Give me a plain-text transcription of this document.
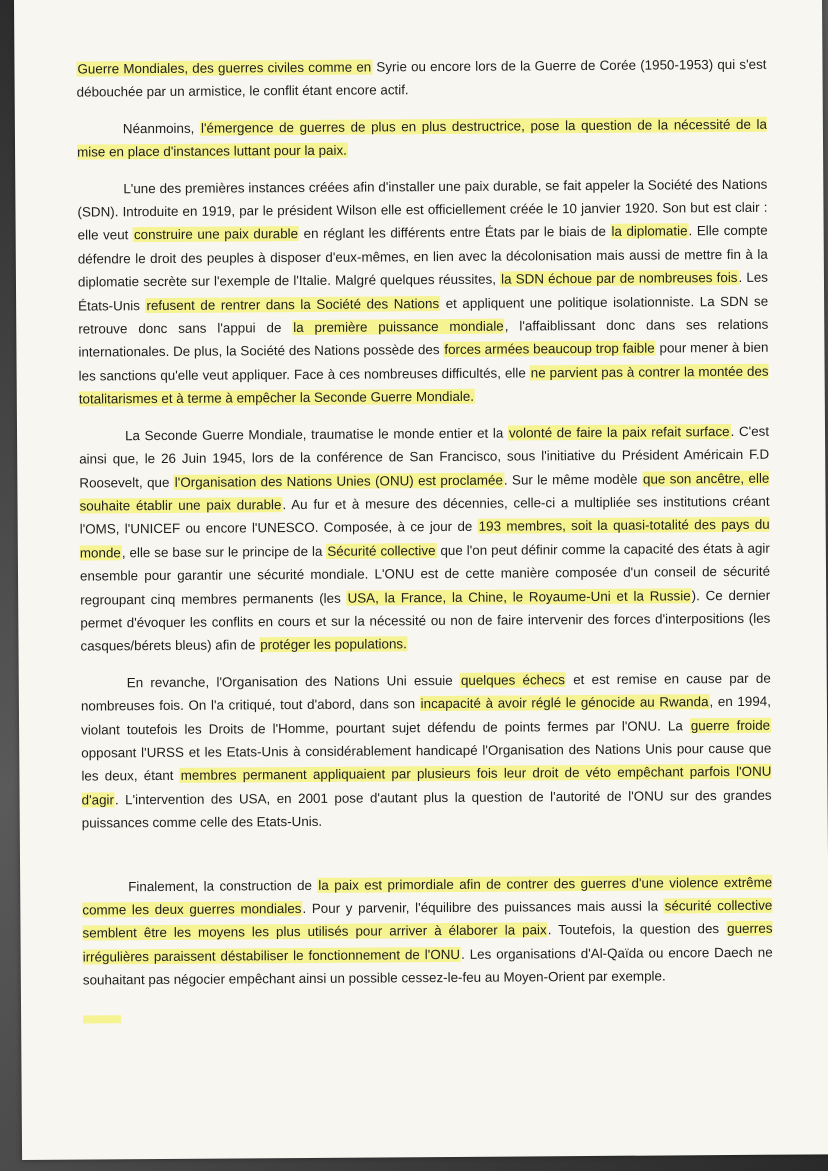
Guerre Mondiales, des guerres civiles comme en Syrie ou encore lors de la Guerre de Corée (1950-1953) qui s'est débouchée par un armistice, le conflit étant encore actif.

Néanmoins, l'émergence de guerres de plus en plus destructrice, pose la question de la nécessité de la mise en place d'instances luttant pour la paix.

L'une des premières instances créées afin d'installer une paix durable, se fait appeler la Société des Nations (SDN). Introduite en 1919, par le président Wilson elle est officiellement créée le 10 janvier 1920. Son but est clair : elle veut construire une paix durable en réglant les différents entre États par le biais de la diplomatie. Elle compte défendre le droit des peuples à disposer d'eux-mêmes, en lien avec la décolonisation mais aussi de mettre fin à la diplomatie secrète sur l'exemple de l'Italie. Malgré quelques réussites, la SDN échoue par de nombreuses fois. Les États-Unis refusent de rentrer dans la Société des Nations et appliquent une politique isolationniste. La SDN se retrouve donc sans l'appui de la première puissance mondiale, l'affaiblissant donc dans ses relations internationales. De plus, la Société des Nations possède des forces armées beaucoup trop faible pour mener à bien les sanctions qu'elle veut appliquer. Face à ces nombreuses difficultés, elle ne parvient pas à contrer la montée des totalitarismes et à terme à empêcher la Seconde Guerre Mondiale.

La Seconde Guerre Mondiale, traumatise le monde entier et la volonté de faire la paix refait surface. C'est ainsi que, le 26 Juin 1945, lors de la conférence de San Francisco, sous l'initiative du Président Américain F.D Roosevelt, que l'Organisation des Nations Unies (ONU) est proclamée. Sur le même modèle que son ancêtre, elle souhaite établir une paix durable. Au fur et à mesure des décennies, celle-ci a multipliée ses institutions créant l'OMS, l'UNICEF ou encore l'UNESCO. Composée, à ce jour de 193 membres, soit la quasi-totalité des pays du monde, elle se base sur le principe de la Sécurité collective que l'on peut définir comme la capacité des états à agir ensemble pour garantir une sécurité mondiale. L'ONU est de cette manière composée d'un conseil de sécurité regroupant cinq membres permanents (les USA, la France, la Chine, le Royaume-Uni et la Russie). Ce dernier permet d'évoquer les conflits en cours et sur la nécessité ou non de faire intervenir des forces d'interpositions (les casques/bérets bleus) afin de protéger les populations.

En revanche, l'Organisation des Nations Uni essuie quelques échecs et est remise en cause par de nombreuses fois. On l'a critiqué, tout d'abord, dans son incapacité à avoir réglé le génocide au Rwanda, en 1994, violant toutefois les Droits de l'Homme, pourtant sujet défendu de points fermes par l'ONU. La guerre froide opposant l'URSS et les Etats-Unis à considérablement handicapé l'Organisation des Nations Unis pour cause que les deux, étant membres permanent appliquaient par plusieurs fois leur droit de véto empêchant parfois l'ONU d'agir. L'intervention des USA, en 2001 pose d'autant plus la question de l'autorité de l'ONU sur des grandes puissances comme celle des Etats-Unis.

Finalement, la construction de la paix est primordiale afin de contrer des guerres d'une violence extrême comme les deux guerres mondiales. Pour y parvenir, l'équilibre des puissances mais aussi la sécurité collective semblent être les moyens les plus utilisés pour arriver à élaborer la paix. Toutefois, la question des guerres irrégulières paraissent déstabiliser le fonctionnement de l'ONU. Les organisations d'Al-Qaïda ou encore Daech ne souhaitant pas négocier empêchant ainsi un possible cessez-le-feu au Moyen-Orient par exemple.
